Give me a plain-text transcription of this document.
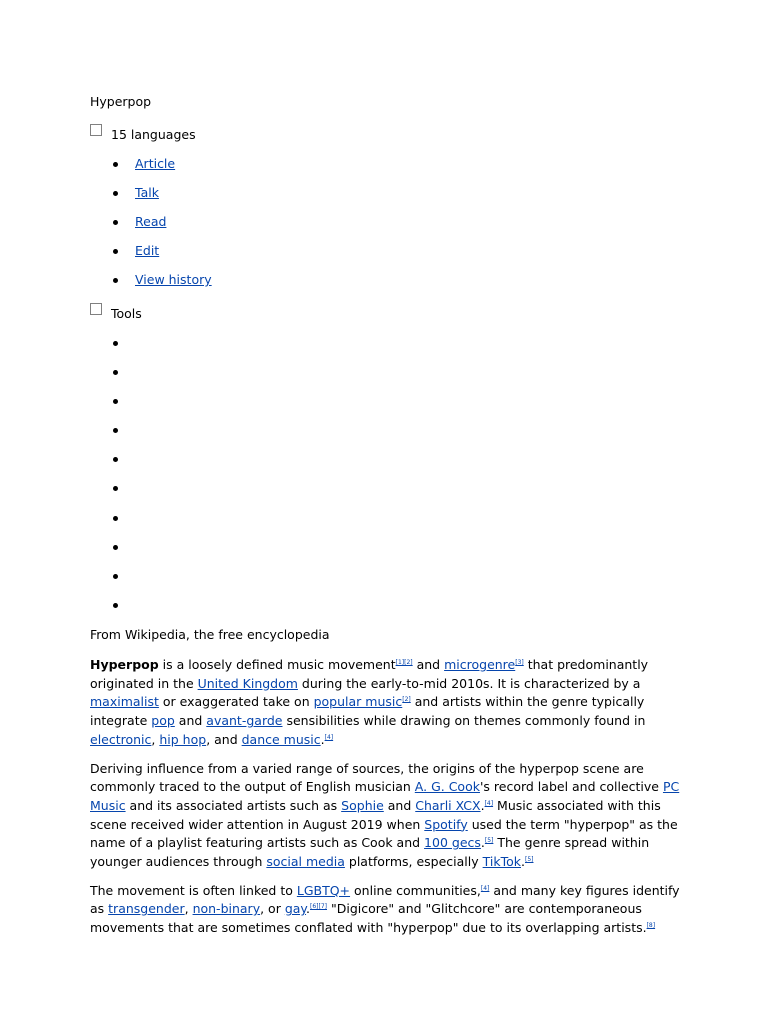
Hyperpop
15 languages
Article
Talk
Read
Edit
View history
Tools
From Wikipedia, the free encyclopedia

Hyperpop is a loosely defined music movement[1][2] and microgenre[3] that predominantly originated in the United Kingdom during the early-to-mid 2010s. It is characterized by a maximalist or exaggerated take on popular music[2] and artists within the genre typically integrate pop and avant-garde sensibilities while drawing on themes commonly found in electronic, hip hop, and dance music.[4]

Deriving influence from a varied range of sources, the origins of the hyperpop scene are commonly traced to the output of English musician A. G. Cook's record label and collective PC Music and its associated artists such as Sophie and Charli XCX.[4] Music associated with this scene received wider attention in August 2019 when Spotify used the term "hyperpop" as the name of a playlist featuring artists such as Cook and 100 gecs.[5] The genre spread within younger audiences through social media platforms, especially TikTok.[5]

The movement is often linked to LGBTQ+ online communities,[4] and many key figures identify as transgender, non-binary, or gay.[6][7] "Digicore" and "Glitchcore" are contemporaneous movements that are sometimes conflated with "hyperpop" due to its overlapping artists.[8]
